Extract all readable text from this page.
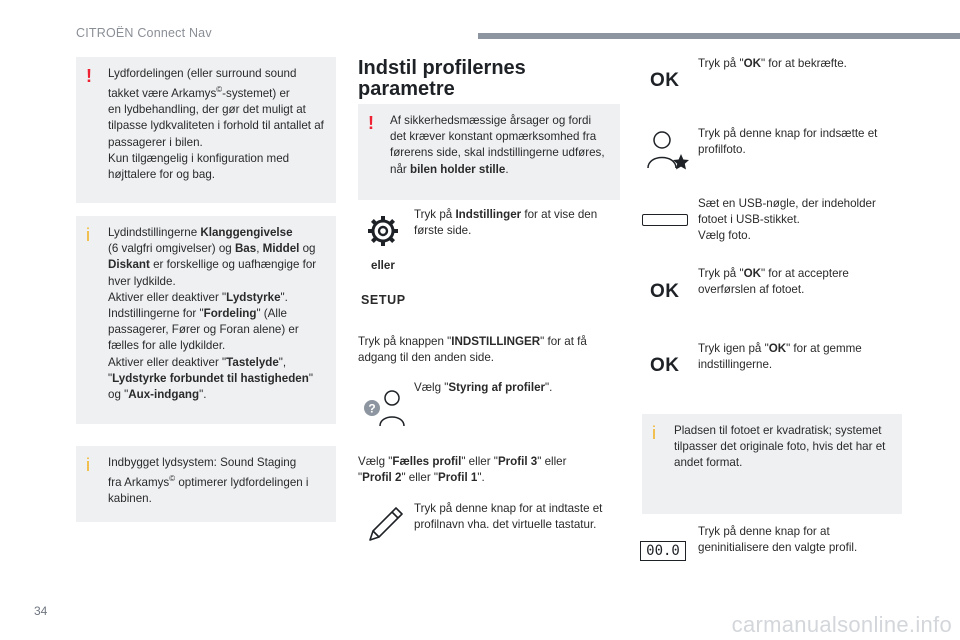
CITROËN Connect Nav
! Lydfordelingen (eller surround sound
takket være Arkamys©-systemet) er
en lydbehandling, der gør det muligt at
tilpasse lydkvaliteten i forhold til antallet af
passagerer i bilen.
Kun tilgængelig i konfiguration med
højttalere for og bag.
i Lydindstillingerne Klanggengivelse
(6 valgfri omgivelser) og Bas, Middel og
Diskant er forskellige og uafhængige for
hver lydkilde.
Aktiver eller deaktiver "Lydstyrke".
Indstillingerne for "Fordeling" (Alle
passagerer, Fører og Foran alene) er
fælles for alle lydkilder.
Aktiver eller deaktiver "Tastelyde",
"Lydstyrke forbundet til hastigheden"
og "Aux-indgang".
i Indbygget lydsystem: Sound Staging
fra Arkamys© optimerer lydfordelingen i
kabinen.
Indstil profilernes
parametre
! Af sikkerhedsmæssige årsager og fordi
det kræver konstant opmærksomhed fra
førerens side, skal indstillingerne udføres,
når bilen holder stille.
Tryk på Indstillinger for at vise den
første side.
eller
SETUP
Tryk på knappen "INDSTILLINGER" for at få
adgang til den anden side.
?
Vælg "Styring af profiler".
Vælg "Fælles profil" eller "Profil 3" eller
"Profil 2" eller "Profil 1".
Tryk på denne knap for at indtaste et
profilnavn vha. det virtuelle tastatur.
OK
Tryk på "OK" for at bekræfte.
Tryk på denne knap for indsætte et
profilfoto.
Sæt en USB-nøgle, der indeholder
fotoet i USB-stikket.
Vælg foto.
OK
Tryk på "OK" for at acceptere
overførslen af fotoet.
OK
Tryk igen på "OK" for at gemme
indstillingerne.
i Pladsen til fotoet er kvadratisk; systemet
tilpasser det originale foto, hvis det har et
andet format.
00.0
Tryk på denne knap for at
geninitialisere den valgte profil.
34
carmanualsonline.info
